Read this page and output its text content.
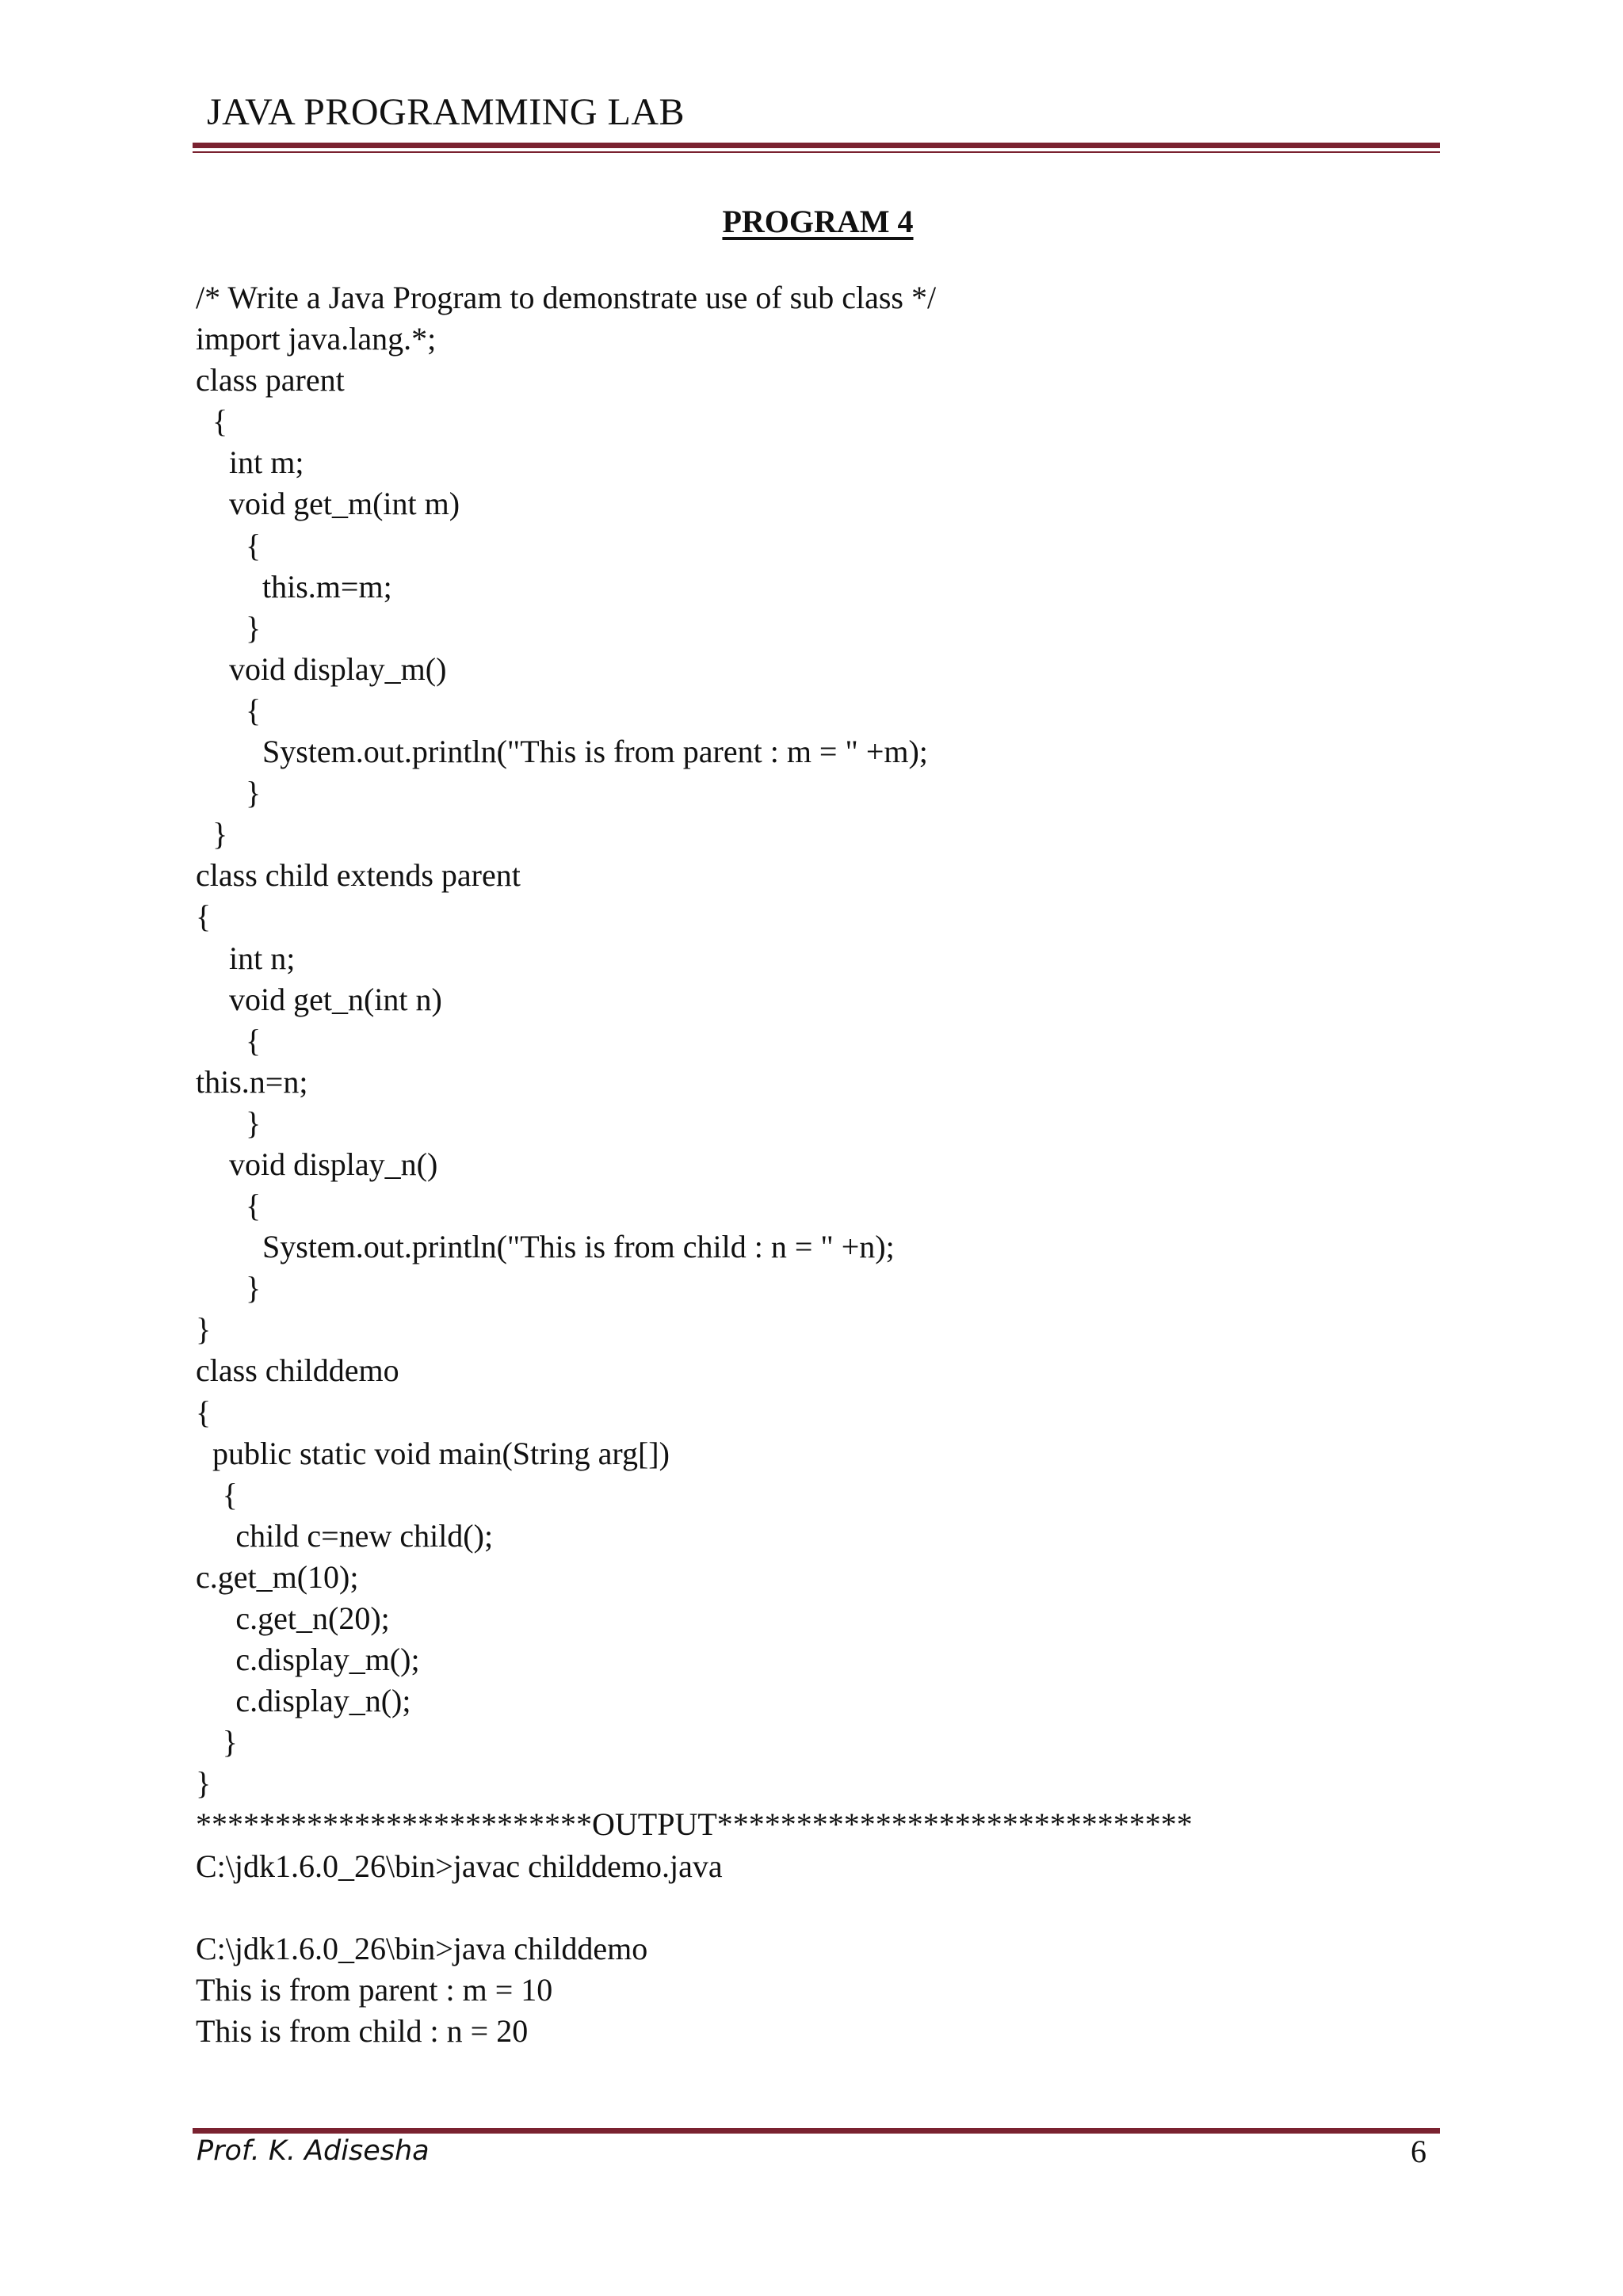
JAVA PROGRAMMING LAB
PROGRAM 4
/* Write a Java Program to demonstrate use of sub class */
import java.lang.*;
class parent
{
int m;
void get_m(int m)
{
this.m=m;
}
void display_m()
{
System.out.println("This is from parent : m = " +m);
}
}
class child extends parent
{
int n;
void get_n(int n)
{
this.n=n;
}
void display_n()
{
System.out.println("This is from child : n = " +n);
}
}
class childdemo
{
public static void main(String arg[])
{
child c=new child();
c.get_m(10);
c.get_n(20);
c.display_m();
c.display_n();
}
}
*************************OUTPUT******************************
C:\jdk1.6.0_26\bin>javac childdemo.java
C:\jdk1.6.0_26\bin>java childdemo
This is from parent : m = 10
This is from child : n = 20
Prof. K. Adisesha	6
